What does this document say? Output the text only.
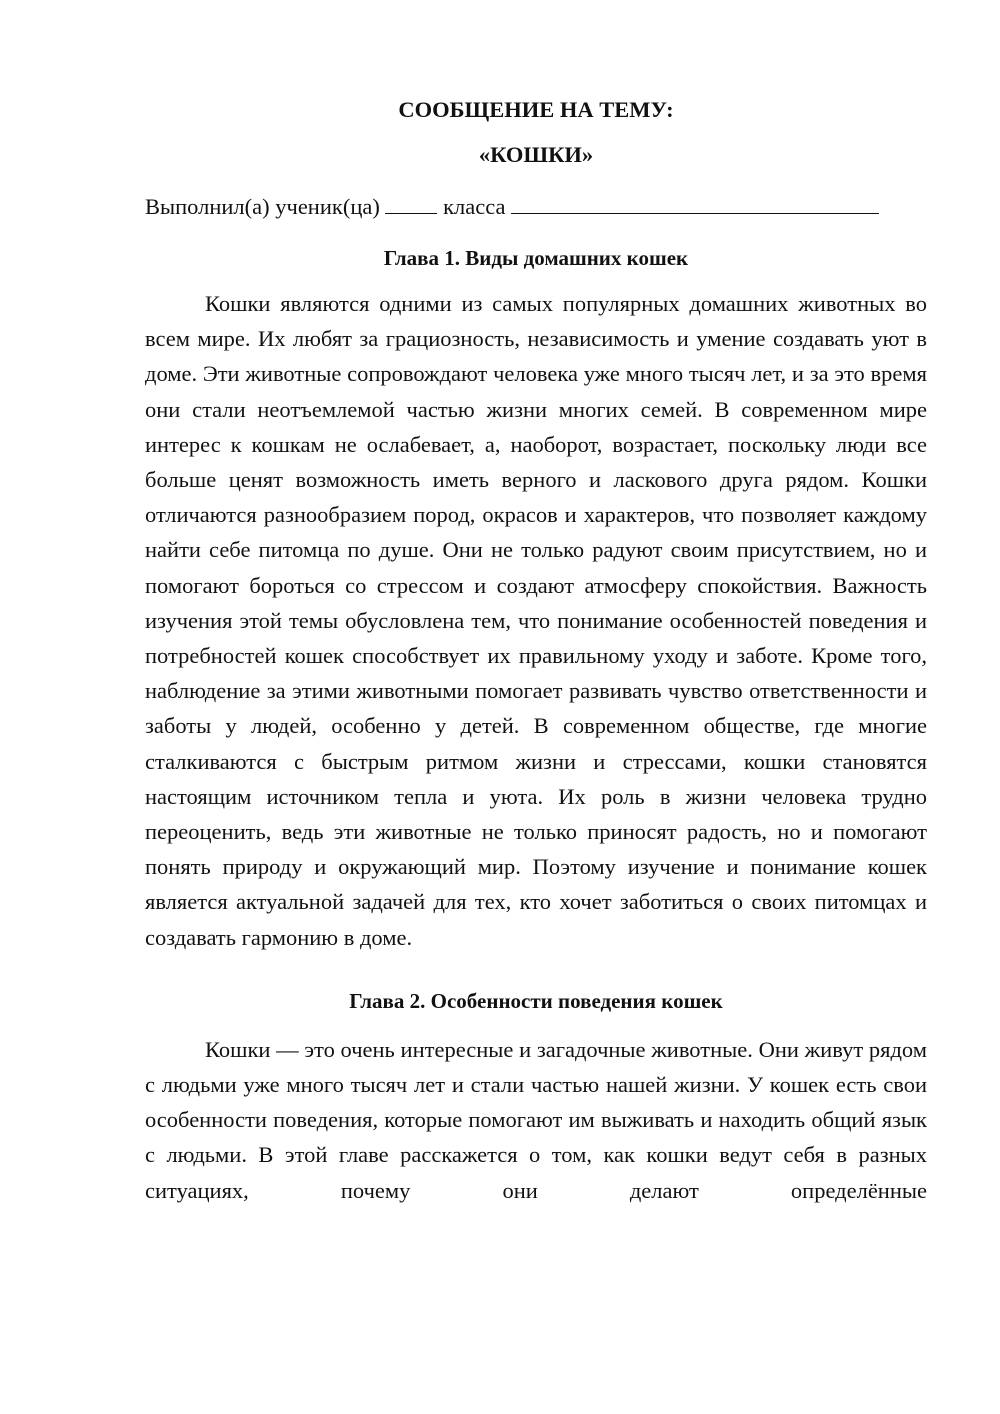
СООБЩЕНИЕ НА ТЕМУ:
«КОШКИ»
Выполнил(а) ученик(ца)	класса
Глава 1. Виды домашних кошек

Кошки являются одними из самых популярных домашних животных во всем мире. Их любят за грациозность, независимость и умение создавать уют в доме. Эти животные сопровождают человека уже много тысяч лет, и за это время они стали неотъемлемой частью жизни многих семей. В современном мире интерес к кошкам не ослабевает, а, наоборот, возрастает, поскольку люди все больше ценят возможность иметь верного и ласкового друга рядом. Кошки отличаются разнообразием пород, окрасов и характеров, что позволяет каждому найти себе питомца по душе. Они не только радуют своим присутствием, но и помогают бороться со стрессом и создают атмосферу спокойствия. Важность изучения этой темы обусловлена тем, что понимание особенностей поведения и потребностей кошек способствует их правильному уходу и заботе. Кроме того, наблюдение за этими животными помогает развивать чувство ответственности и заботы у людей, особенно у детей. В современном обществе, где многие сталкиваются с быстрым ритмом жизни и стрессами, кошки становятся настоящим источником тепла и уюта. Их роль в жизни человека трудно переоценить, ведь эти животные не только приносят радость, но и помогают понять природу и окружающий мир. Поэтому изучение и понимание кошек является актуальной задачей для тех, кто хочет заботиться о своих питомцах и создавать гармонию в доме.

Глава 2. Особенности поведения кошек

Кошки — это очень интересные и загадочные животные. Они живут рядом с людьми уже много тысяч лет и стали частью нашей жизни. У кошек есть свои особенности поведения, которые помогают им выживать и находить общий язык с людьми. В этой главе расскажется о том, как кошки ведут себя в разных ситуациях, почему они делают определённые
